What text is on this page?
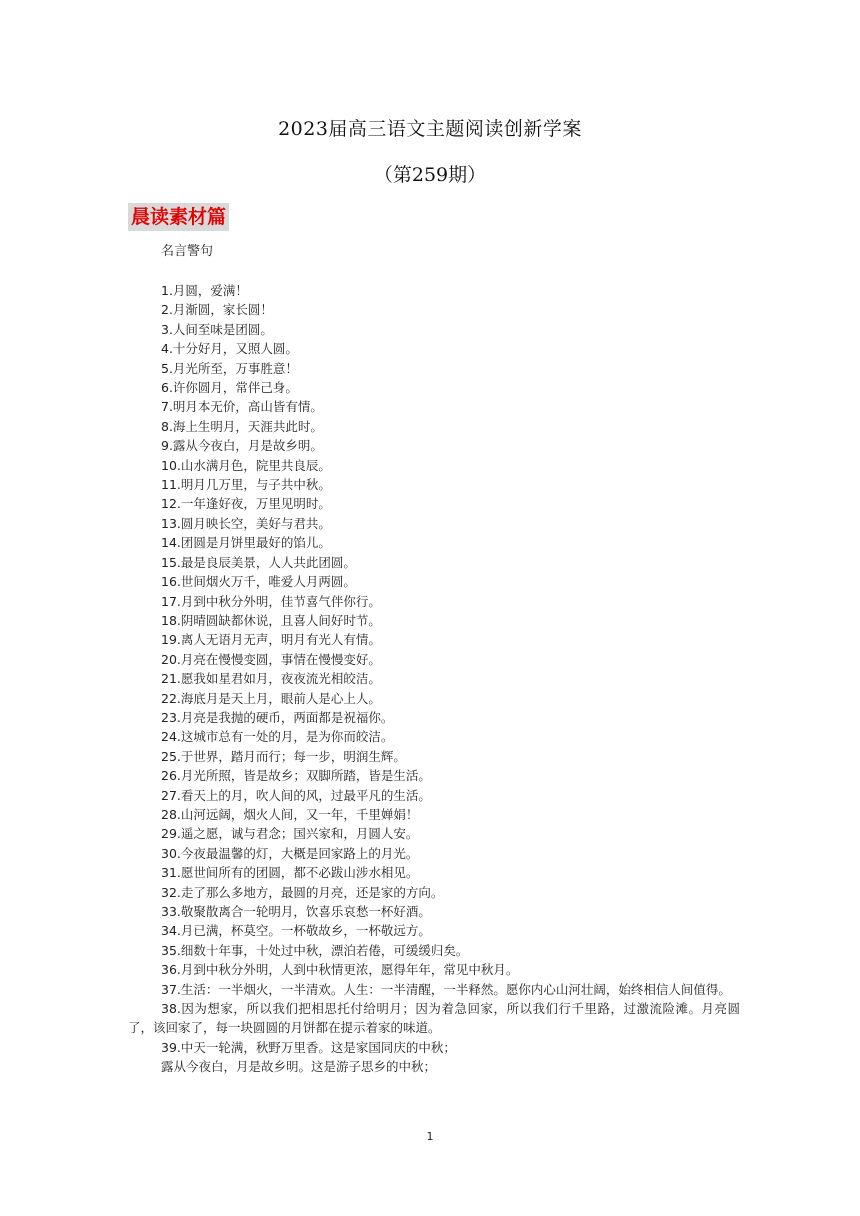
2023届高三语文主题阅读创新学案
（第259期）
晨读素材篇
名言警句
1.月圆，爱满！
2.月渐圆，家长圆！
3.人间至味是团圆。
4.十分好月，又照人圆。
5.月光所至，万事胜意！
6.许你圆月，常伴己身。
7.明月本无价，高山皆有情。
8.海上生明月，天涯共此时。
9.露从今夜白，月是故乡明。
10.山水满月色，院里共良辰。
11.明月几万里，与子共中秋。
12.一年逢好夜，万里见明时。
13.圆月映长空，美好与君共。
14.团圆是月饼里最好的馅儿。
15.最是良辰美景，人人共此团圆。
16.世间烟火万千，唯爱人月两圆。
17.月到中秋分外明，佳节喜气伴你行。
18.阴晴圆缺都休说，且喜人间好时节。
19.离人无语月无声，明月有光人有情。
20.月亮在慢慢变圆，事情在慢慢变好。
21.愿我如星君如月，夜夜流光相皎洁。
22.海底月是天上月，眼前人是心上人。
23.月亮是我抛的硬币，两面都是祝福你。
24.这城市总有一处的月，是为你而皎洁。
25.于世界，踏月而行；每一步，明润生辉。
26.月光所照，皆是故乡；双脚所踏，皆是生活。
27.看天上的月，吹人间的风，过最平凡的生活。
28.山河远阔，烟火人间，又一年，千里婵娟！
29.遥之愿，诚与君念；国兴家和，月圆人安。
30.今夜最温馨的灯，大概是回家路上的月光。
31.愿世间所有的团圆，都不必跋山涉水相见。
32.走了那么多地方，最圆的月亮，还是家的方向。
33.敬聚散离合一轮明月，饮喜乐哀愁一杯好酒。
34.月已满，杯莫空。一杯敬故乡，一杯敬远方。
35.细数十年事，十处过中秋，漂泊若倦，可缓缓归矣。
36.月到中秋分外明，人到中秋情更浓，愿得年年，常见中秋月。
37.生活：一半烟火，一半清欢。人生：一半清醒，一半释然。愿你内心山河壮阔，始终相信人间值得。
38.因为想家，所以我们把相思托付给明月；因为着急回家，所以我们行千里路，过激流险滩。月亮圆了，该回家了，每一块圆圆的月饼都在提示着家的味道。
39.中天一轮满，秋野万里香。这是家国同庆的中秋；
露从今夜白，月是故乡明。这是游子思乡的中秋；
1
